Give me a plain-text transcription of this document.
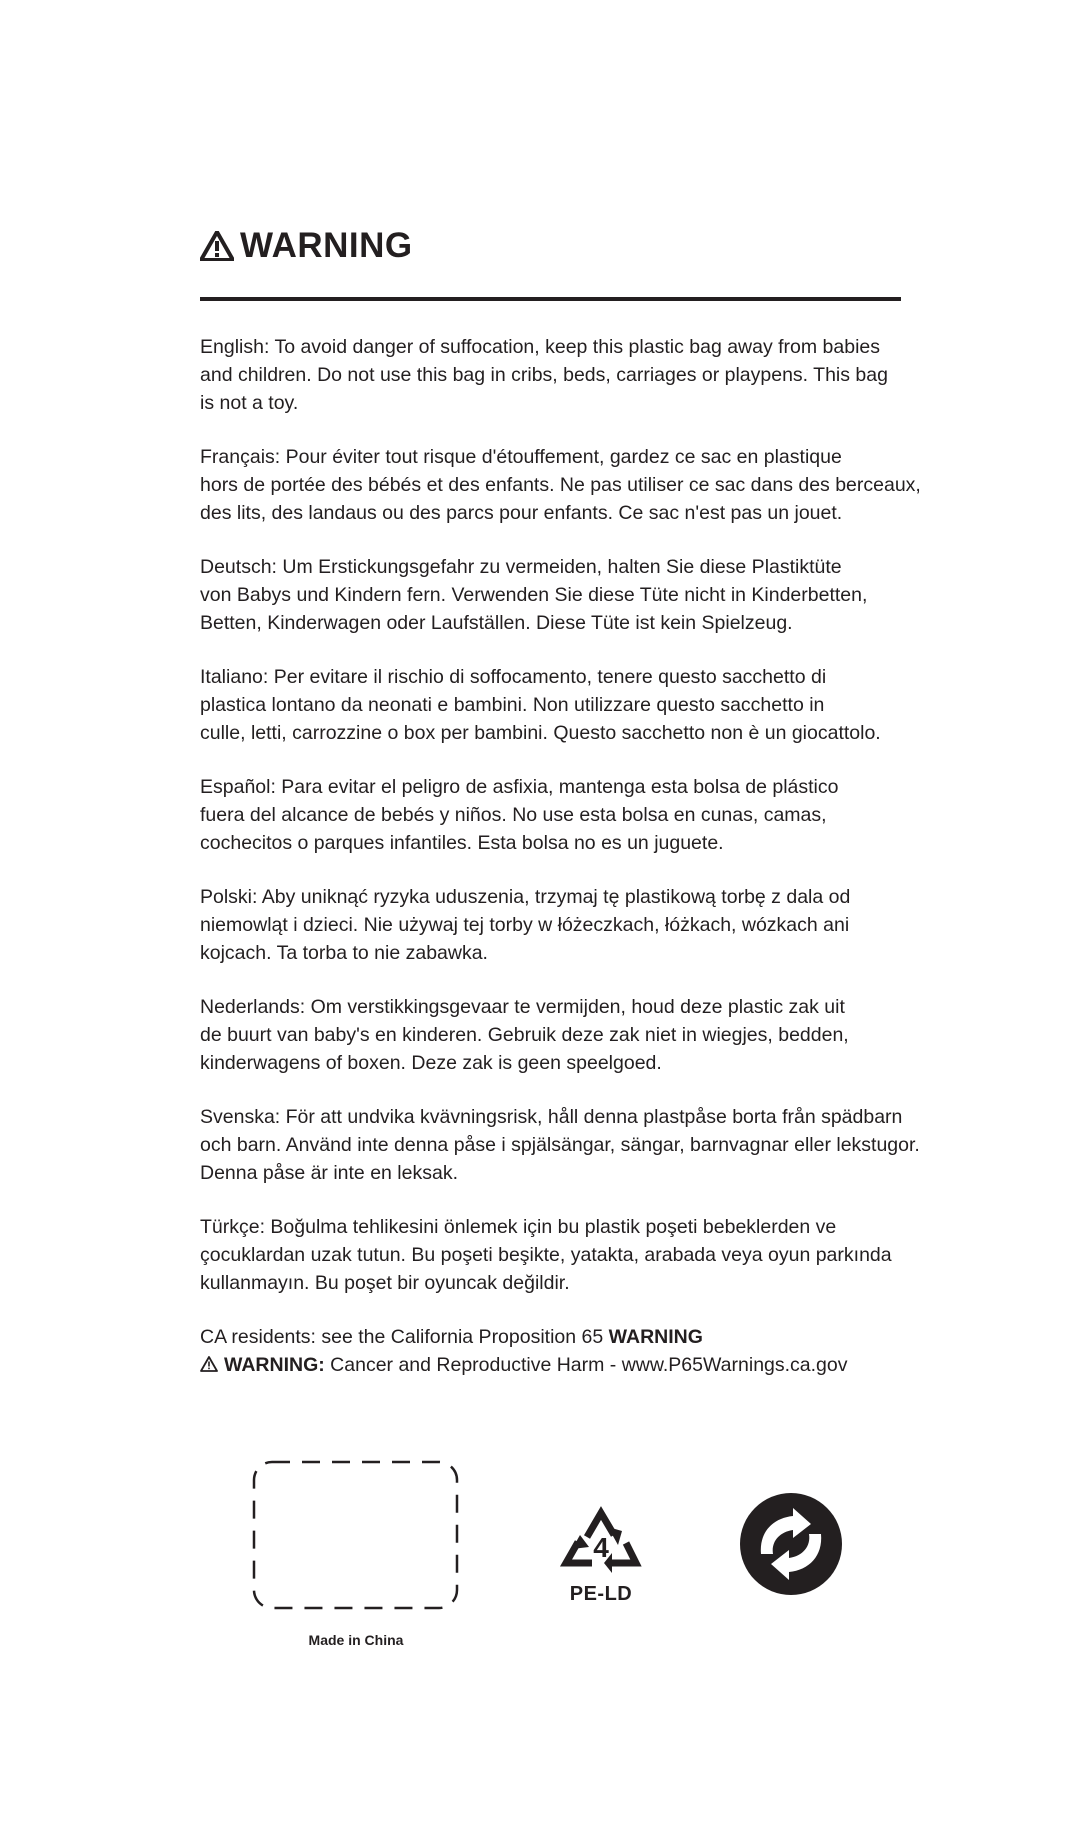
WARNING
English: To avoid danger of suffocation, keep this plastic bag away from babies
and children. Do not use this bag in cribs, beds, carriages or playpens. This bag
is not a toy.
Français: Pour éviter tout risque d'étouffement, gardez ce sac en plastique
hors de portée des bébés et des enfants. Ne pas utiliser ce sac dans des berceaux,
des lits, des landaus ou des parcs pour enfants. Ce sac n'est pas un jouet.
Deutsch: Um Erstickungsgefahr zu vermeiden, halten Sie diese Plastiktüte
von Babys und Kindern fern. Verwenden Sie diese Tüte nicht in Kinderbetten,
Betten, Kinderwagen oder Laufställen. Diese Tüte ist kein Spielzeug.
Italiano: Per evitare il rischio di soffocamento, tenere questo sacchetto di
plastica lontano da neonati e bambini. Non utilizzare questo sacchetto in
culle, letti, carrozzine o box per bambini. Questo sacchetto non è un giocattolo.
Español: Para evitar el peligro de asfixia, mantenga esta bolsa de plástico
fuera del alcance de bebés y niños. No use esta bolsa en cunas, camas,
cochecitos o parques infantiles. Esta bolsa no es un juguete.
Polski: Aby uniknąć ryzyka uduszenia, trzymaj tę plastikową torbę z dala od
niemowląt i dzieci. Nie używaj tej torby w łóżeczkach, łóżkach, wózkach ani
kojcach. Ta torba to nie zabawka.
Nederlands: Om verstikkingsgevaar te vermijden, houd deze plastic zak uit
de buurt van baby's en kinderen. Gebruik deze zak niet in wiegjes, bedden,
kinderwagens of boxen. Deze zak is geen speelgoed.
Svenska: För att undvika kvävningsrisk, håll denna plastpåse borta från spädbarn
och barn. Använd inte denna påse i spjälsängar, sängar, barnvagnar eller lekstugor.
Denna påse är inte en leksak.
Türkçe: Boğulma tehlikesini önlemek için bu plastik poşeti bebeklerden ve
çocuklardan uzak tutun. Bu poşeti beşikte, yatakta, arabada veya oyun parkında
kullanmayın. Bu poşet bir oyuncak değildir.
CA residents: see the California Proposition 65 WARNING
WARNING: Cancer and Reproductive Harm - www.P65Warnings.ca.gov
Made in China
4
PE-LD
